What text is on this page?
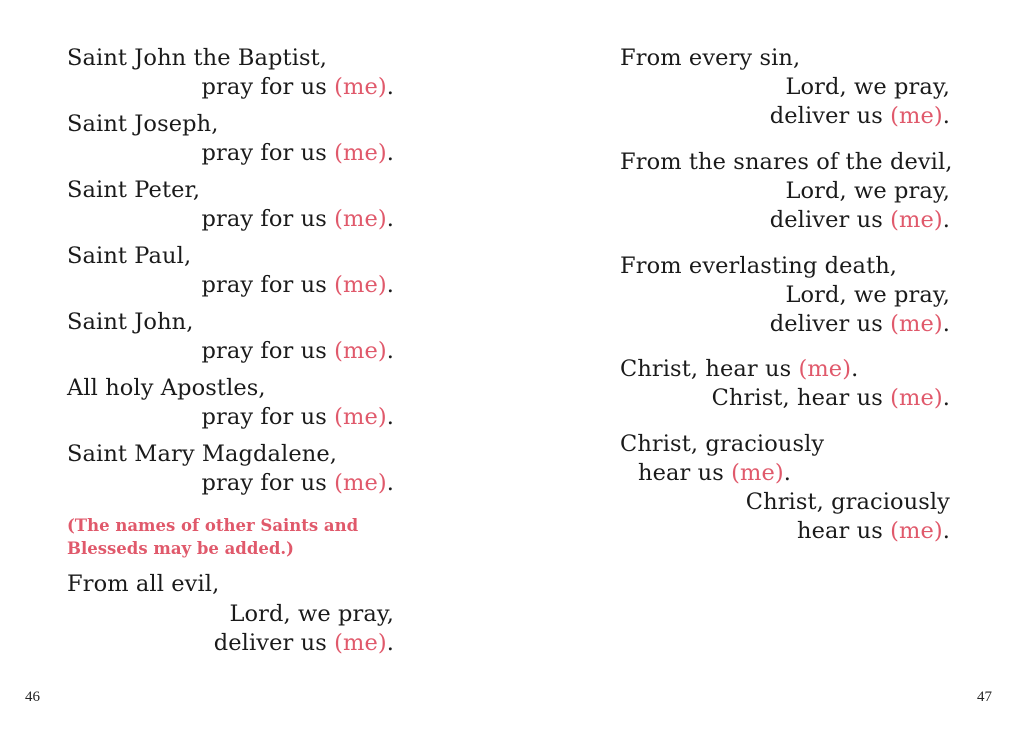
Saint John the Baptist,
pray for us (me).
Saint Joseph,
pray for us (me).
Saint Peter,
pray for us (me).
Saint Paul,
pray for us (me).
Saint John,
pray for us (me).
All holy Apostles,
pray for us (me).
Saint Mary Magdalene,
pray for us (me).
(The names of other Saints and
Blesseds may be added.)
From all evil,
Lord, we pray,
deliver us (me).
46
From every sin,
Lord, we pray,
deliver us (me).
From the snares of the devil,
Lord, we pray,
deliver us (me).
From everlasting death,
Lord, we pray,
deliver us (me).
Christ, hear us (me).
Christ, hear us (me).
Christ, graciously
hear us (me).
Christ, graciously
hear us (me).
47
